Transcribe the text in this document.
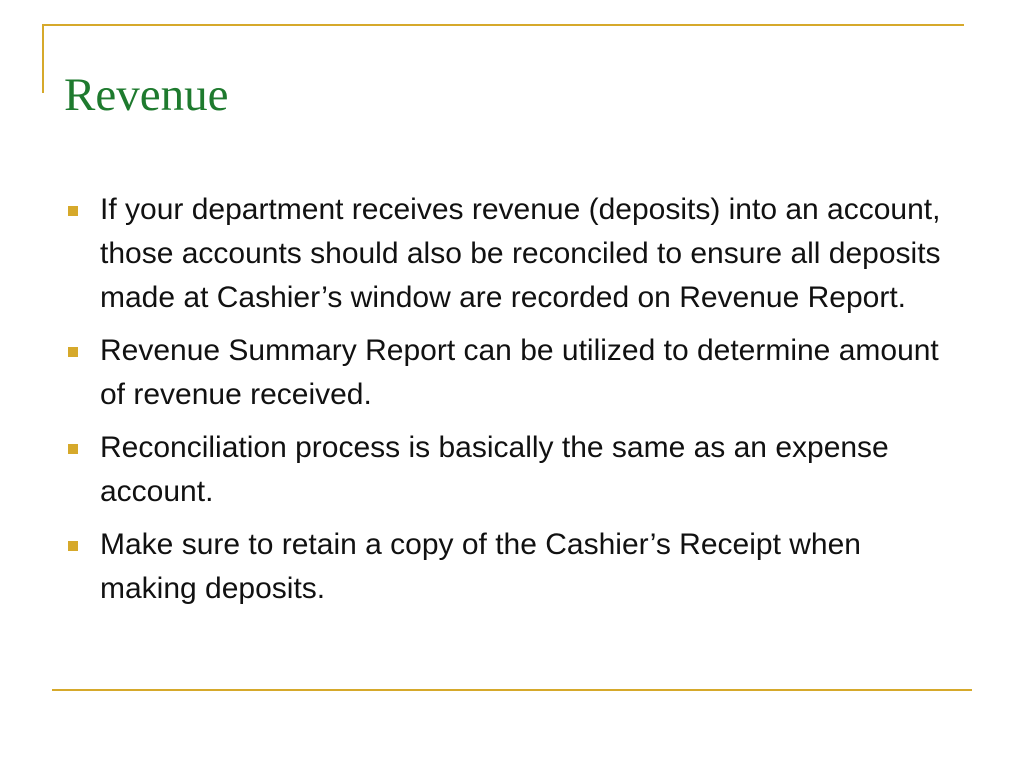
Revenue
If your department receives revenue (deposits) into an account, those accounts should also be reconciled to ensure all deposits made at Cashier’s window are recorded on Revenue Report.
Revenue Summary Report can be utilized to determine amount of revenue received.
Reconciliation process is basically the same as an expense account.
Make sure to retain a copy of the Cashier’s Receipt when making deposits.
